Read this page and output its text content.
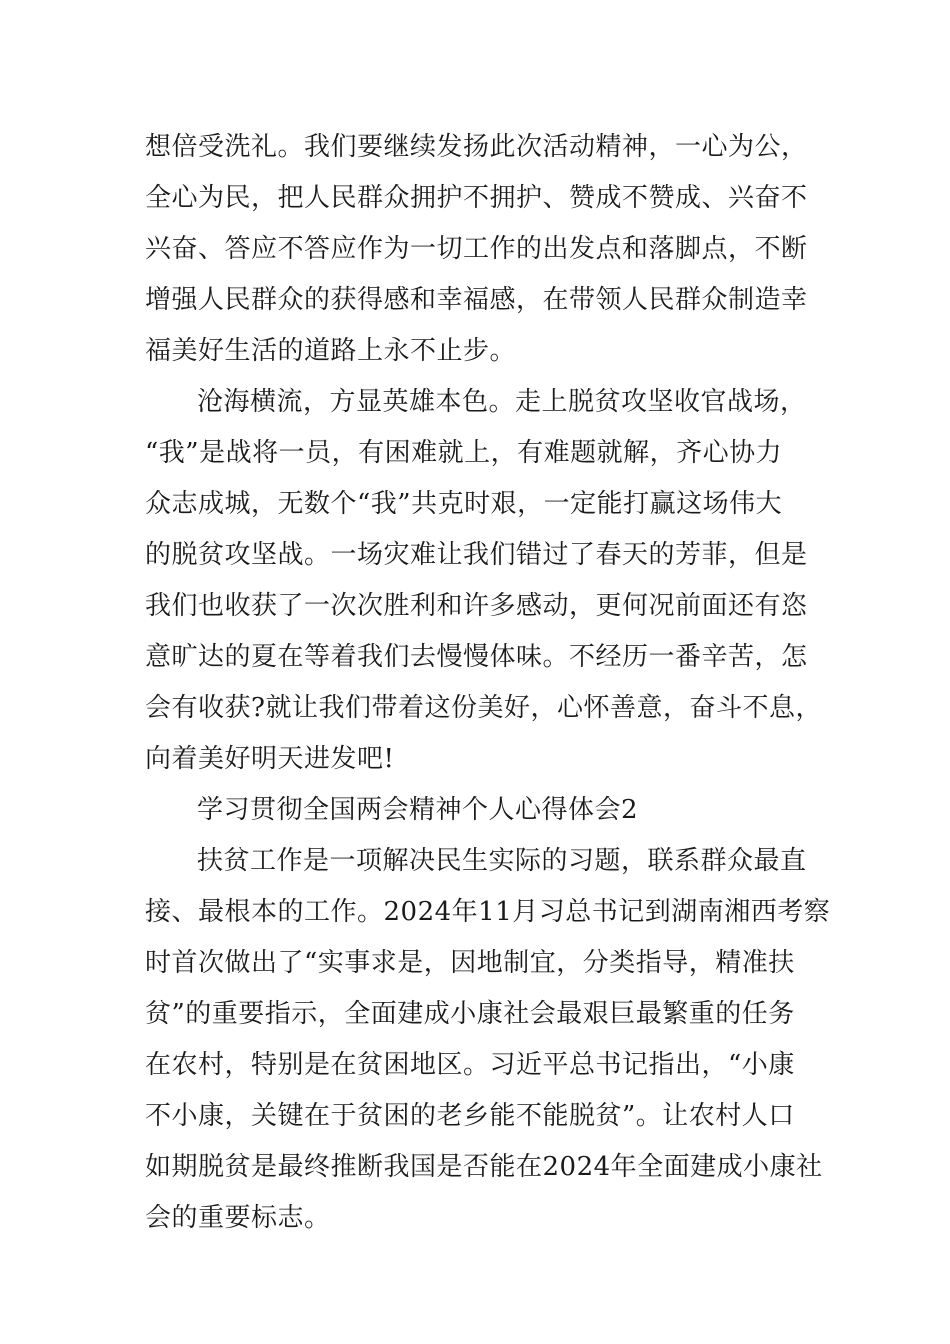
想倍受洗礼。我们要继续发扬此次活动精神，一心为公，
全心为民，把人民群众拥护不拥护、赞成不赞成、兴奋不
兴奋、答应不答应作为一切工作的出发点和落脚点，不断
增强人民群众的获得感和幸福感，在带领人民群众制造幸
福美好生活的道路上永不止步。
沧海横流，方显英雄本色。走上脱贫攻坚收官战场，
“我”是战将一员，有困难就上，有难题就解，齐心协力
众志成城，无数个“我”共克时艰，一定能打赢这场伟大
的脱贫攻坚战。一场灾难让我们错过了春天的芳菲，但是
我们也收获了一次次胜利和许多感动，更何况前面还有恣
意旷达的夏在等着我们去慢慢体味。不经历一番辛苦，怎
会有收获?就让我们带着这份美好，心怀善意，奋斗不息，
向着美好明天进发吧!
学习贯彻全国两会精神个人心得体会2
扶贫工作是一项解决民生实际的习题，联系群众最直
接、最根本的工作。2024年11月习总书记到湖南湘西考察
时首次做出了“实事求是，因地制宜，分类指导，精准扶
贫”的重要指示，全面建成小康社会最艰巨最繁重的任务
在农村，特别是在贫困地区。习近平总书记指出，“小康
不小康，关键在于贫困的老乡能不能脱贫”。让农村人口
如期脱贫是最终推断我国是否能在2024年全面建成小康社
会的重要标志。
